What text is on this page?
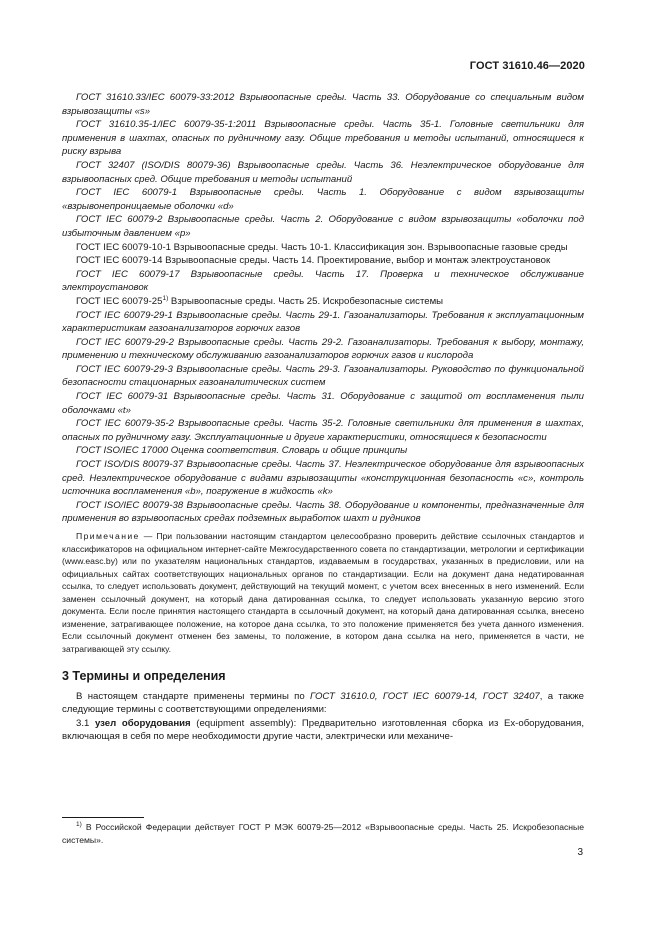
ГОСТ 31610.46—2020

ГОСТ 31610.33/IEC 60079-33:2012 Взрывоопасные среды. Часть 33. Оборудование со специальным видом взрывозащиты «s»

ГОСТ 31610.35-1/IEC 60079-35-1:2011 Взрывоопасные среды. Часть 35-1. Головные светильники для применения в шахтах, опасных по рудничному газу. Общие требования и методы испытаний, относящиеся к риску взрыва

ГОСТ 32407 (ISO/DIS 80079-36) Взрывоопасные среды. Часть 36. Неэлектрическое оборудование для взрывоопасных сред. Общие требования и методы испытаний

ГОСТ IEC 60079-1 Взрывоопасные среды. Часть 1. Оборудование с видом взрывозащиты «взрывонепроницаемые оболочки «d»

ГОСТ IEC 60079-2 Взрывоопасные среды. Часть 2. Оборудование с видом взрывозащиты «оболочки под избыточным давлением «p»

ГОСТ IEC 60079-10-1 Взрывоопасные среды. Часть 10-1. Классификация зон. Взрывоопасные газовые среды

ГОСТ IEC 60079-14 Взрывоопасные среды. Часть 14. Проектирование, выбор и монтаж электроустановок

ГОСТ IEC 60079-17 Взрывоопасные среды. Часть 17. Проверка и техническое обслуживание электроустановок

ГОСТ IEC 60079-25$^{1)}$ Взрывоопасные среды. Часть 25. Искробезопасные системы

ГОСТ IEC 60079-29-1 Взрывоопасные среды. Часть 29-1. Газоанализаторы. Требования к эксплуатационным характеристикам газоанализаторов горючих газов

ГОСТ IEC 60079-29-2 Взрывоопасные среды. Часть 29-2. Газоанализаторы. Требования к выбору, монтажу, применению и техническому обслуживанию газоанализаторов горючих газов и кислорода

ГОСТ IEC 60079-29-3 Взрывоопасные среды. Часть 29-3. Газоанализаторы. Руководство по функциональной безопасности стационарных газоаналитических систем

ГОСТ IEC 60079-31 Взрывоопасные среды. Часть 31. Оборудование с защитой от воспламенения пыли оболочками «t»

ГОСТ IEC 60079-35-2 Взрывоопасные среды. Часть 35-2. Головные светильники для применения в шахтах, опасных по рудничному газу. Эксплуатационные и другие характеристики, относящиеся к безопасности

ГОСТ ISO/IEC 17000 Оценка соответствия. Словарь и общие принципы

ГОСТ ISO/DIS 80079-37 Взрывоопасные среды. Часть 37. Неэлектрическое оборудование для взрывоопасных сред. Неэлектрическое оборудование с видами взрывозащиты «конструкционная безопасность «c», контроль источника воспламенения «b», погружение в жидкость «k»

ГОСТ ISO/IEC 80079-38 Взрывоопасные среды. Часть 38. Оборудование и компоненты, предназначенные для применения во взрывоопасных средах подземных выработок шахт и рудников

Примечание — При пользовании настоящим стандартом целесообразно проверить действие ссылочных стандартов и классификаторов на официальном интернет-сайте Межгосударственного совета по стандартизации, метрологии и сертификации (www.easc.by) или по указателям национальных стандартов, издаваемым в государствах, указанных в предисловии, или на официальных сайтах соответствующих национальных органов по стандартизации. Если на документ дана недатированная ссылка, то следует использовать документ, действующий на текущий момент, с учетом всех внесенных в него изменений. Если заменен ссылочный документ, на который дана датированная ссылка, то следует использовать указанную версию этого документа. Если после принятия настоящего стандарта в ссылочный документ, на который дана датированная ссылка, внесено изменение, затрагивающее положение, на которое дана ссылка, то это положение применяется без учета данного изменения. Если ссылочный документ отменен без замены, то положение, в котором дана ссылка на него, применяется в части, не затрагивающей эту ссылку.

3 Термины и определения

В настоящем стандарте применены термины по ГОСТ 31610.0, ГОСТ IEC 60079-14, ГОСТ 32407, а также следующие термины с соответствующими определениями:

3.1 узел оборудования (equipment assembly): Предварительно изготовленная сборка из Ex-оборудования, включающая в себя по мере необходимости другие части, электрически или механиче-

$^{1)}$ В Российской Федерации действует ГОСТ Р МЭК 60079-25—2012 «Взрывоопасные среды. Часть 25. Искробезопасные системы».

3
